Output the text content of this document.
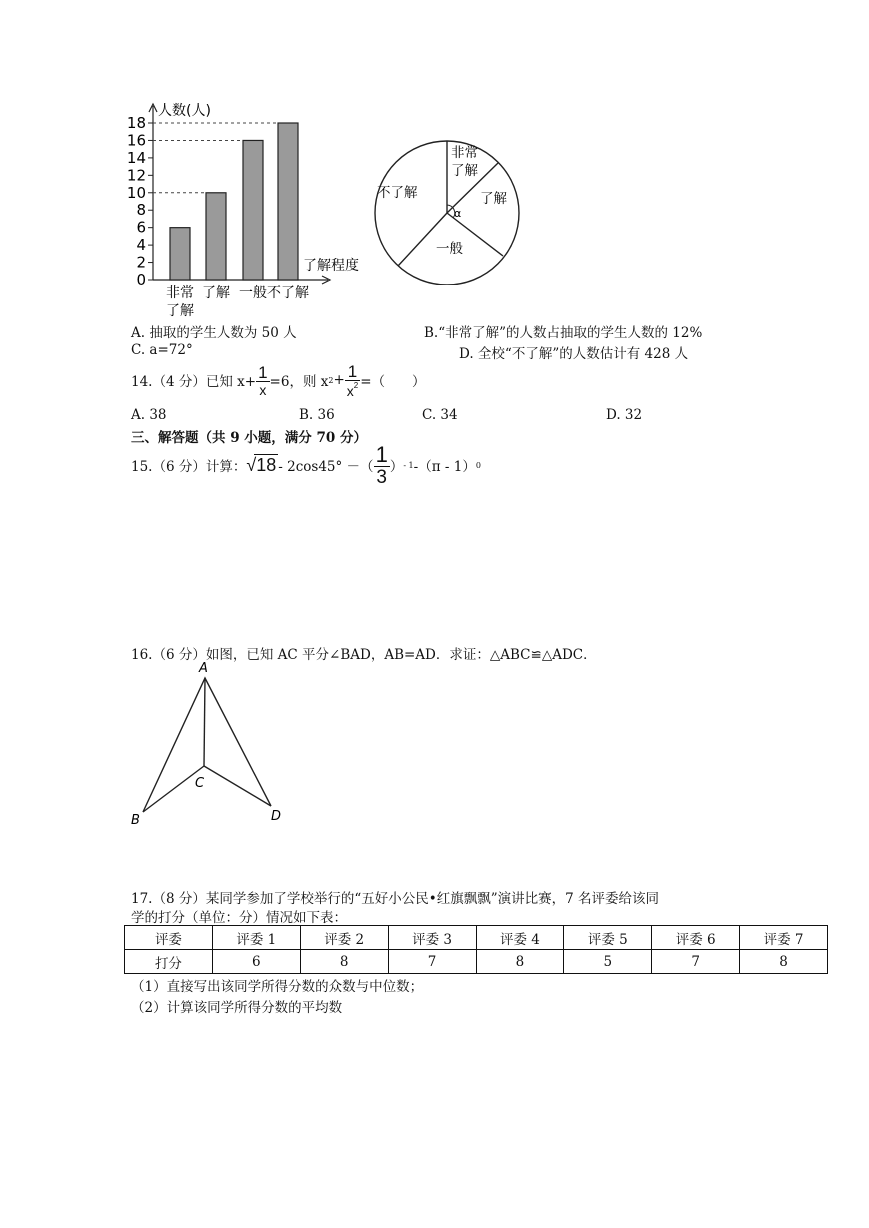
0
2
4
6
8
10
12
14
16
18
人数(人)
了解程度
非常
了解
了解 一般 不了解
非常
了解
了解
α
不了解
一般
A. 抽取的学生人数为 50 人	B.“非常了解”的人数占抽取的学生人数的 12%
C. a=72°	D. 全校“不了解”的人数估计有 428 人
14.（4 分）已知 $x+ \frac{1}{x} =6$，则 x $2 + \frac{1}{x^2}$ =（　　）
A. 38	B. 36	C. 34	D. 32
三、解答题（共 9 小题，满分 70 分）
15.（6 分）计算： √18 - 2cos45° －（ $\frac{1}{3}$ ） - 1 -（π - 1） 0
16.（6 分）如图，已知 AC 平分∠BAD，AB=AD．求证：△ABC≌△ADC．
A
B
C
D
17.（8 分）某同学参加了学校举行的“五好小公民•红旗飘飘”演讲比赛，7 名评委给该同
学的打分（单位：分）情况如下表：
评委	评委 1	评委 2	评委 3	评委 4	评委 5	评委 6	评委 7
打分	6	8	7	8	5	7	8
（1）直接写出该同学所得分数的众数与中位数；
（2）计算该同学所得分数的平均数
